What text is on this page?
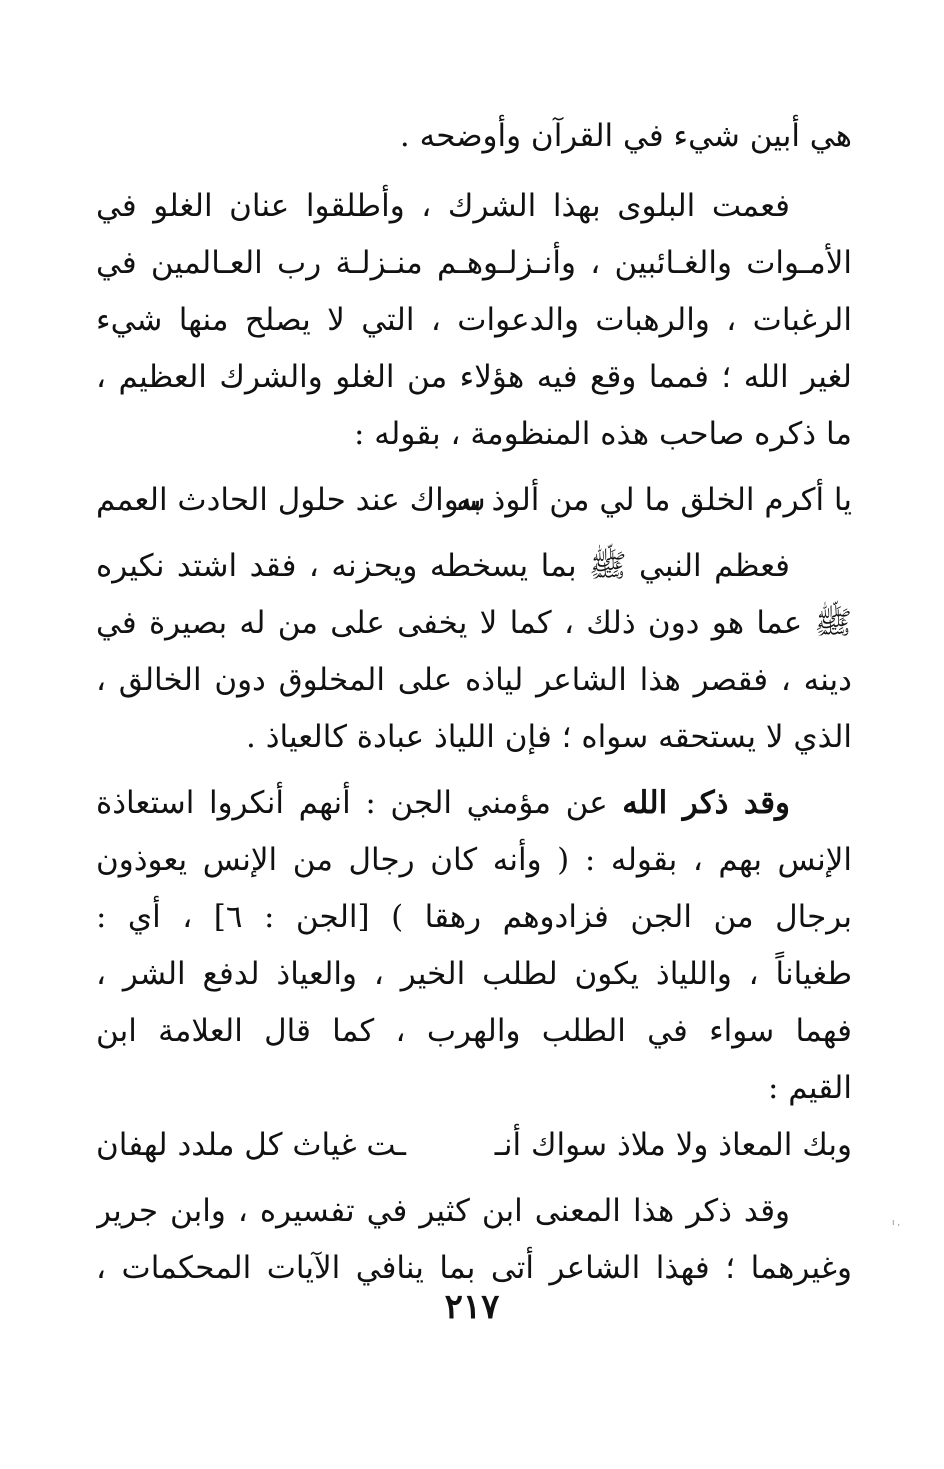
هي أبين شيء في القرآن وأوضحه .
فعمت البلوى بهذا الشرك ، وأطلقوا عنان الغلو في
الأمـوات والغـائبين ، وأنـزلـوهـم منـزلـة رب العـالمين في
الرغبات ، والرهبات والدعوات ، التي لا يصلح منها شيء
لغير الله ؛ فمما وقع فيه هؤلاء من الغلو والشرك العظيم ،
ما ذكره صاحب هذه المنظومة ، بقوله :
يا أكرم الخلق ما لي من ألوذ به
سواك عند حلول الحادث العمم
فعظم النبي ﷺ بما يسخطه ويحزنه ، فقد اشتد نكيره
ﷺ عما هو دون ذلك ، كما لا يخفى على من له بصيرة في
دينه ، فقصر هذا الشاعر لياذه على المخلوق دون الخالق ،
الذي لا يستحقه سواه ؛ فإن اللياذ عبادة كالعياذ .
وقد ذكر الله عن مؤمني الجن : أنهم أنكروا استعاذة
الإنس بهم ، بقوله : ( وأنه كان رجال من الإنس يعوذون
برجال من الجن فزادوهم رهقا ) [الجن : ٦] ، أي :
طغياناً ، واللياذ يكون لطلب الخير ، والعياذ لدفع الشر ،
فهما سواء في الطلب والهرب ، كما قال العلامة ابن
القيم :
وبك المعاذ ولا ملاذ سواك أنـ
ـت غياث كل ملدد لهفان
وقد ذكر هذا المعنى ابن كثير في تفسيره ، وابن جرير
وغيرهما ؛ فهذا الشاعر أتى بما ينافي الآيات المحكمات ،
ı ,
٢١٧
